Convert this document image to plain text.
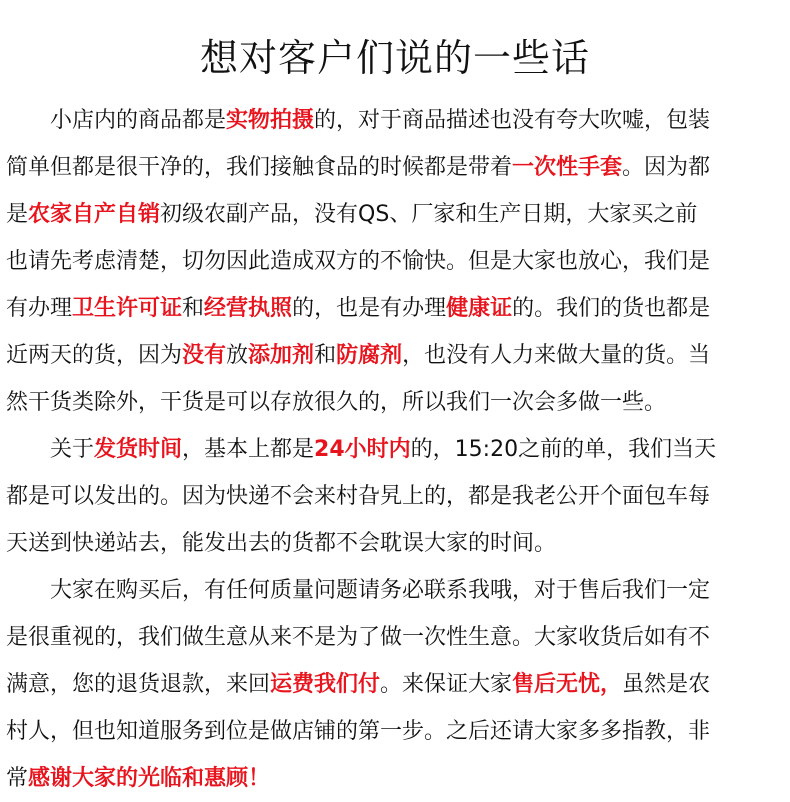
想对客户们说的一些话
　　小店内的商品都是实物拍摄的，对于商品描述也没有夸大吹嘘，包装
简单但都是很干净的，我们接触食品的时候都是带着一次性手套。因为都
是农家自产自销初级农副产品，没有QS、厂家和生产日期，大家买之前
也请先考虑清楚，切勿因此造成双方的不愉快。但是大家也放心，我们是
有办理卫生许可证和经营执照的，也是有办理健康证的。我们的货也都是
近两天的货，因为没有放添加剂和防腐剂，也没有人力来做大量的货。当
然干货类除外，干货是可以存放很久的，所以我们一次会多做一些。
　　关于发货时间，基本上都是24小时内的，15:20之前的单，我们当天
都是可以发出的。因为快递不会来村旮旯上的，都是我老公开个面包车每
天送到快递站去，能发出去的货都不会耽误大家的时间。
　　大家在购买后，有任何质量问题请务必联系我哦，对于售后我们一定
是很重视的，我们做生意从来不是为了做一次性生意。大家收货后如有不
满意，您的退货退款，来回运费我们付。来保证大家售后无忧，虽然是农
村人，但也知道服务到位是做店铺的第一步。之后还请大家多多指教，非
常感谢大家的光临和惠顾！
